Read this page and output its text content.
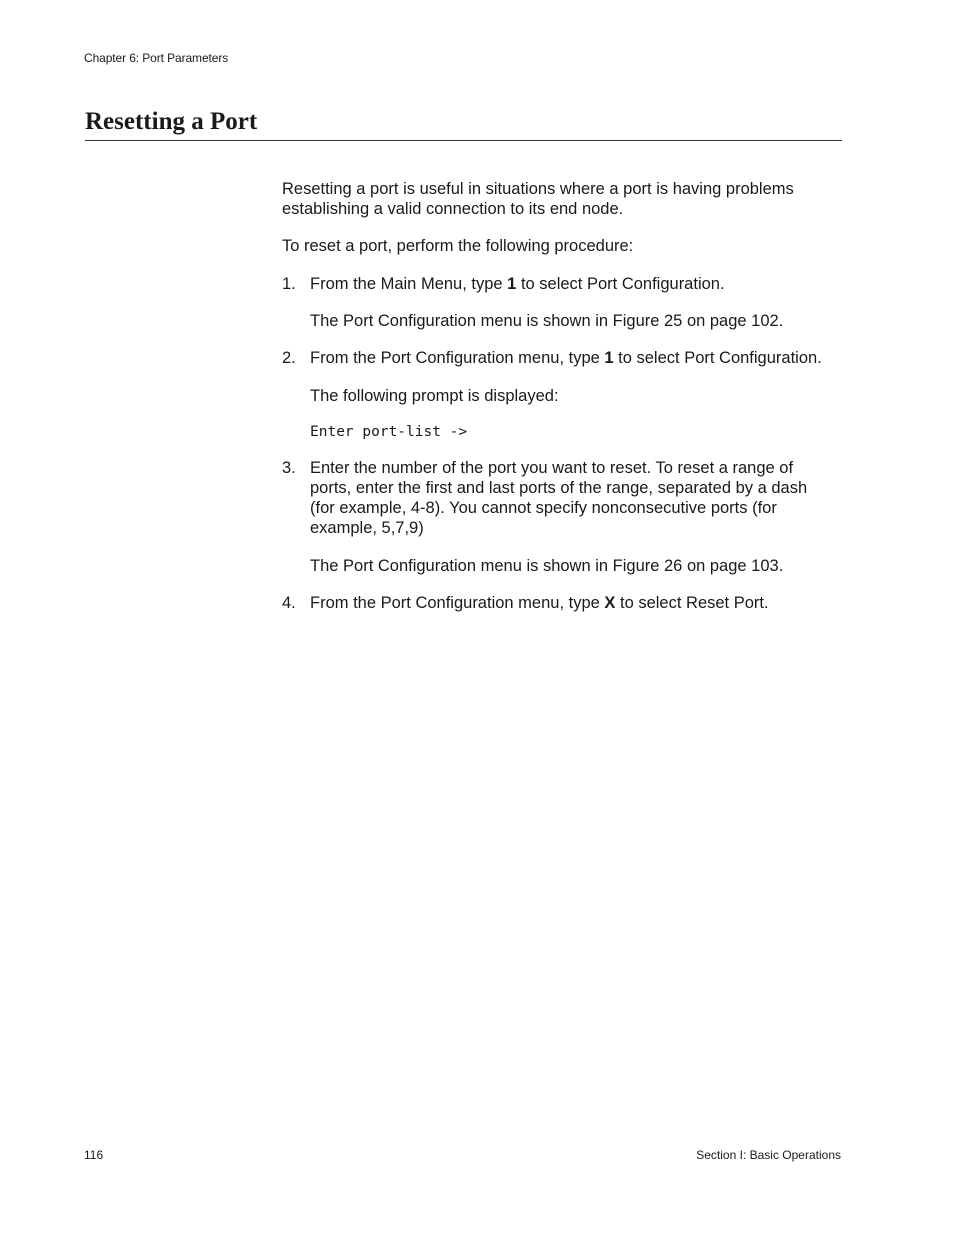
Chapter 6: Port Parameters
Resetting a Port

Resetting a port is useful in situations where a port is having problems establishing a valid connection to its end node.

To reset a port, perform the following procedure:

1. From the Main Menu, type 1 to select Port Configuration.

The Port Configuration menu is shown in Figure 25 on page 102.

2. From the Port Configuration menu, type 1 to select Port Configuration.

The following prompt is displayed:

Enter port-list ->
3. Enter the number of the port you want to reset. To reset a range of ports, enter the first and last ports of the range, separated by a dash (for example, 4-8). You cannot specify nonconsecutive ports (for example, 5,7,9)

The Port Configuration menu is shown in Figure 26 on page 103.

4. From the Port Configuration menu, type X to select Reset Port.

116	Section I: Basic Operations
